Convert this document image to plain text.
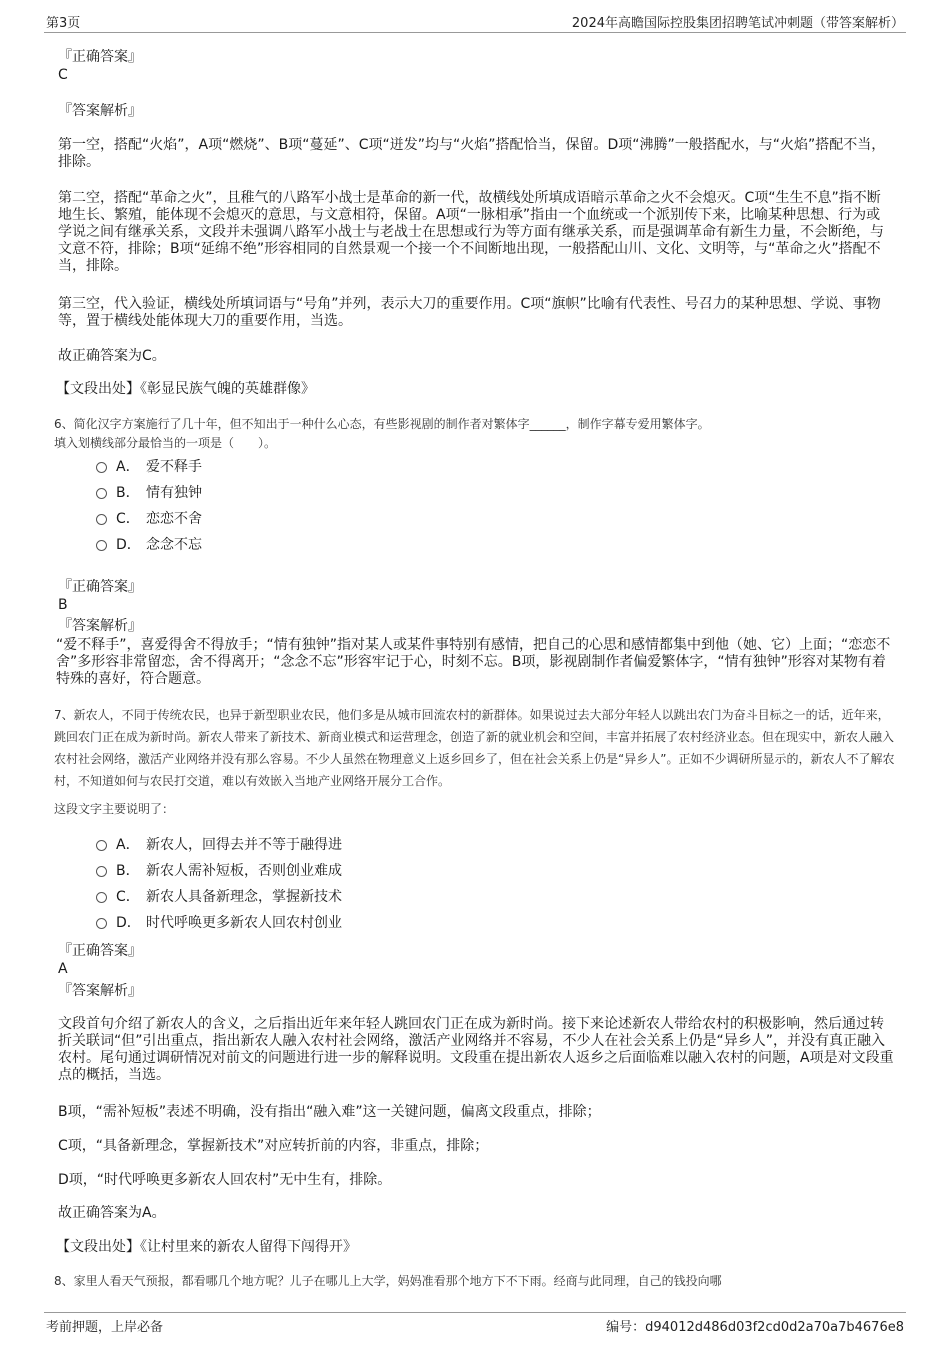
第3页	2024年高瞻国际控股集团招聘笔试冲刺题（带答案解析）
『正确答案』
C
『答案解析』
第一空，搭配“火焰”，A项“燃烧”、B项“蔓延”、C项“迸发”均与“火焰”搭配恰当，保留。D项“沸腾”一般搭配水，与“火焰”搭配不当，排除。
第二空，搭配“革命之火”，且稚气的八路军小战士是革命的新一代，故横线处所填成语暗示革命之火不会熄灭。C项“生生不息”指不断地生长、繁殖，能体现不会熄灭的意思，与文意相符，保留。A项“一脉相承”指由一个血统或一个派别传下来，比喻某种思想、行为或学说之间有继承关系，文段并未强调八路军小战士与老战士在思想或行为等方面有继承关系，而是强调革命有新生力量，不会断绝，与文意不符，排除；B项“延绵不绝”形容相同的自然景观一个接一个不间断地出现，一般搭配山川、文化、文明等，与“革命之火”搭配不当，排除。
第三空，代入验证，横线处所填词语与“号角”并列，表示大刀的重要作用。C项“旗帜”比喻有代表性、号召力的某种思想、学说、事物等，置于横线处能体现大刀的重要作用，当选。
故正确答案为C。
【文段出处】《彰显民族气魄的英雄群像》
6、简化汉字方案施行了几十年，但不知出于一种什么心态，有些影视剧的制作者对繁体字______，制作字幕专爱用繁体字。
填入划横线部分最恰当的一项是（　　）。
A． 爱不释手
B． 情有独钟
C． 恋恋不舍
D． 念念不忘
『正确答案』
B
『答案解析』
“爱不释手”，喜爱得舍不得放手；“情有独钟”指对某人或某件事特别有感情，把自己的心思和感情都集中到他（她、它）上面；“恋恋不舍”多形容非常留恋，舍不得离开；“念念不忘”形容牢记于心，时刻不忘。B项，影视剧制作者偏爱繁体字，“情有独钟”形容对某物有着特殊的喜好，符合题意。
7、新农人，不同于传统农民，也异于新型职业农民，他们多是从城市回流农村的新群体。如果说过去大部分年轻人以跳出农门为奋斗目标之一的话，近年来，跳回农门正在成为新时尚。新农人带来了新技术、新商业模式和运营理念，创造了新的就业机会和空间，丰富并拓展了农村经济业态。但在现实中，新农人融入农村社会网络，激活产业网络并没有那么容易。不少人虽然在物理意义上返乡回乡了，但在社会关系上仍是“异乡人”。正如不少调研所显示的，新农人不了解农村，不知道如何与农民打交道，难以有效嵌入当地产业网络开展分工合作。
这段文字主要说明了：
A． 新农人，回得去并不等于融得进
B． 新农人需补短板，否则创业难成
C． 新农人具备新理念，掌握新技术
D． 时代呼唤更多新农人回农村创业
『正确答案』
A
『答案解析』
文段首句介绍了新农人的含义，之后指出近年来年轻人跳回农门正在成为新时尚。接下来论述新农人带给农村的积极影响，然后通过转折关联词“但”引出重点，指出新农人融入农村社会网络，激活产业网络并不容易，不少人在社会关系上仍是“异乡人”，并没有真正融入农村。尾句通过调研情况对前文的问题进行进一步的解释说明。文段重在提出新农人返乡之后面临难以融入农村的问题，A项是对文段重点的概括，当选。
B项，“需补短板”表述不明确，没有指出“融入难”这一关键问题，偏离文段重点，排除；
C项，“具备新理念，掌握新技术”对应转折前的内容，非重点，排除；
D项，“时代呼唤更多新农人回农村”无中生有，排除。
故正确答案为A。
【文段出处】《让村里来的新农人留得下闯得开》
8、家里人看天气预报，都看哪几个地方呢？儿子在哪儿上大学，妈妈准看那个地方下不下雨。经商与此同理，自己的钱投向哪
考前押题，上岸必备	编号：d94012d486d03f2cd0d2a70a7b4676e8
